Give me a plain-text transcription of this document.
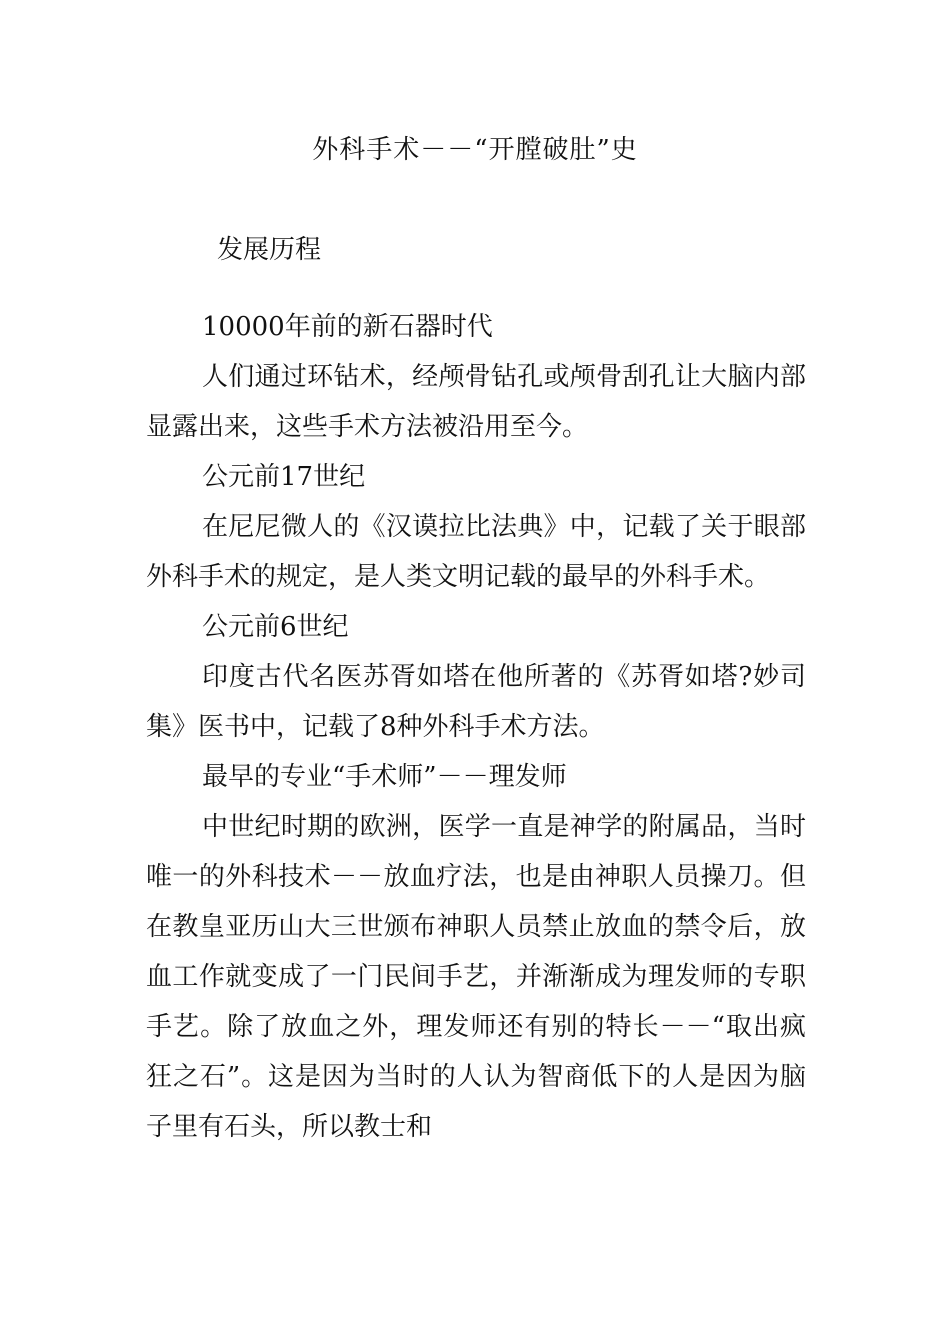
外科手术－－“开膛破肚”史
发展历程

10000年前的新石器时代

人们通过环钻术，经颅骨钻孔或颅骨刮孔让大脑内部显露出来，这些手术方法被沿用至今。

公元前17世纪

在尼尼微人的《汉谟拉比法典》中，记载了关于眼部外科手术的规定，是人类文明记载的最早的外科手术。

公元前6世纪

印度古代名医苏胥如塔在他所著的《苏胥如塔?妙司集》医书中，记载了8种外科手术方法。

最早的专业“手术师”－－理发师

中世纪时期的欧洲，医学一直是神学的附属品，当时唯一的外科技术－－放血疗法，也是由神职人员操刀。但在教皇亚历山大三世颁布神职人员禁止放血的禁令后，放血工作就变成了一门民间手艺，并渐渐成为理发师的专职手艺。除了放血之外，理发师还有别的特长－－“取出疯狂之石”。这是因为当时的人认为智商低下的人是因为脑子里有石头，所以教士和
